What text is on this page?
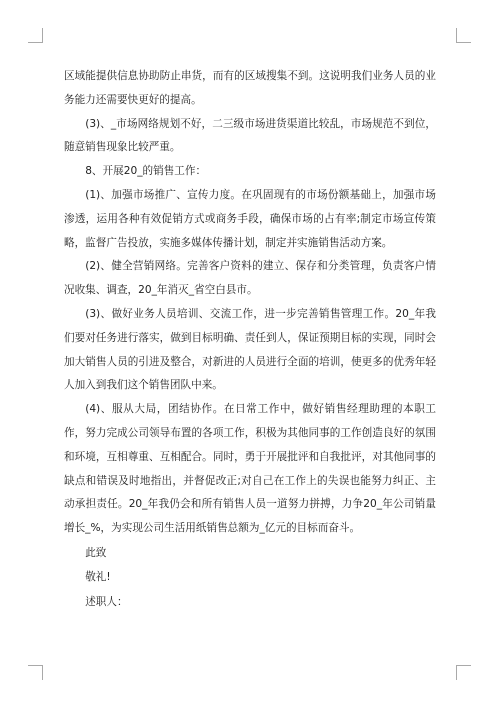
区域能提供信息协助防止串货，而有的区域搜集不到。这说明我们业务人员的业务能力还需要快更好的提高。

(3)、_市场网络规划不好，二三级市场进货渠道比较乱，市场规范不到位，随意销售现象比较严重。

8、开展20_的销售工作：

(1)、加强市场推广、宣传力度。在巩固现有的市场份额基础上，加强市场渗透，运用各种有效促销方式或商务手段，确保市场的占有率;制定市场宣传策略，监督广告投放，实施多媒体传播计划，制定并实施销售活动方案。

(2)、健全营销网络。完善客户资料的建立、保存和分类管理，负责客户情况收集、调查，20_年消灭_省空白县市。

(3)、做好业务人员培训、交流工作，进一步完善销售管理工作。20_年我们要对任务进行落实，做到目标明确、责任到人，保证预期目标的实现，同时会加大销售人员的引进及整合，对新进的人员进行全面的培训，使更多的优秀年轻人加入到我们这个销售团队中来。

(4)、服从大局，团结协作。在日常工作中，做好销售经理助理的本职工作，努力完成公司领导布置的各项工作，积极为其他同事的工作创造良好的氛围和环境，互相尊重、互相配合。同时，勇于开展批评和自我批评，对其他同事的缺点和错误及时地指出，并督促改正;对自己在工作上的失误也能努力纠正、主动承担责任。20_年我仍会和所有销售人员一道努力拼搏，力争20_年公司销量增长_%，为实现公司生活用纸销售总额为_亿元的目标而奋斗。

此致

敬礼!

述职人：
